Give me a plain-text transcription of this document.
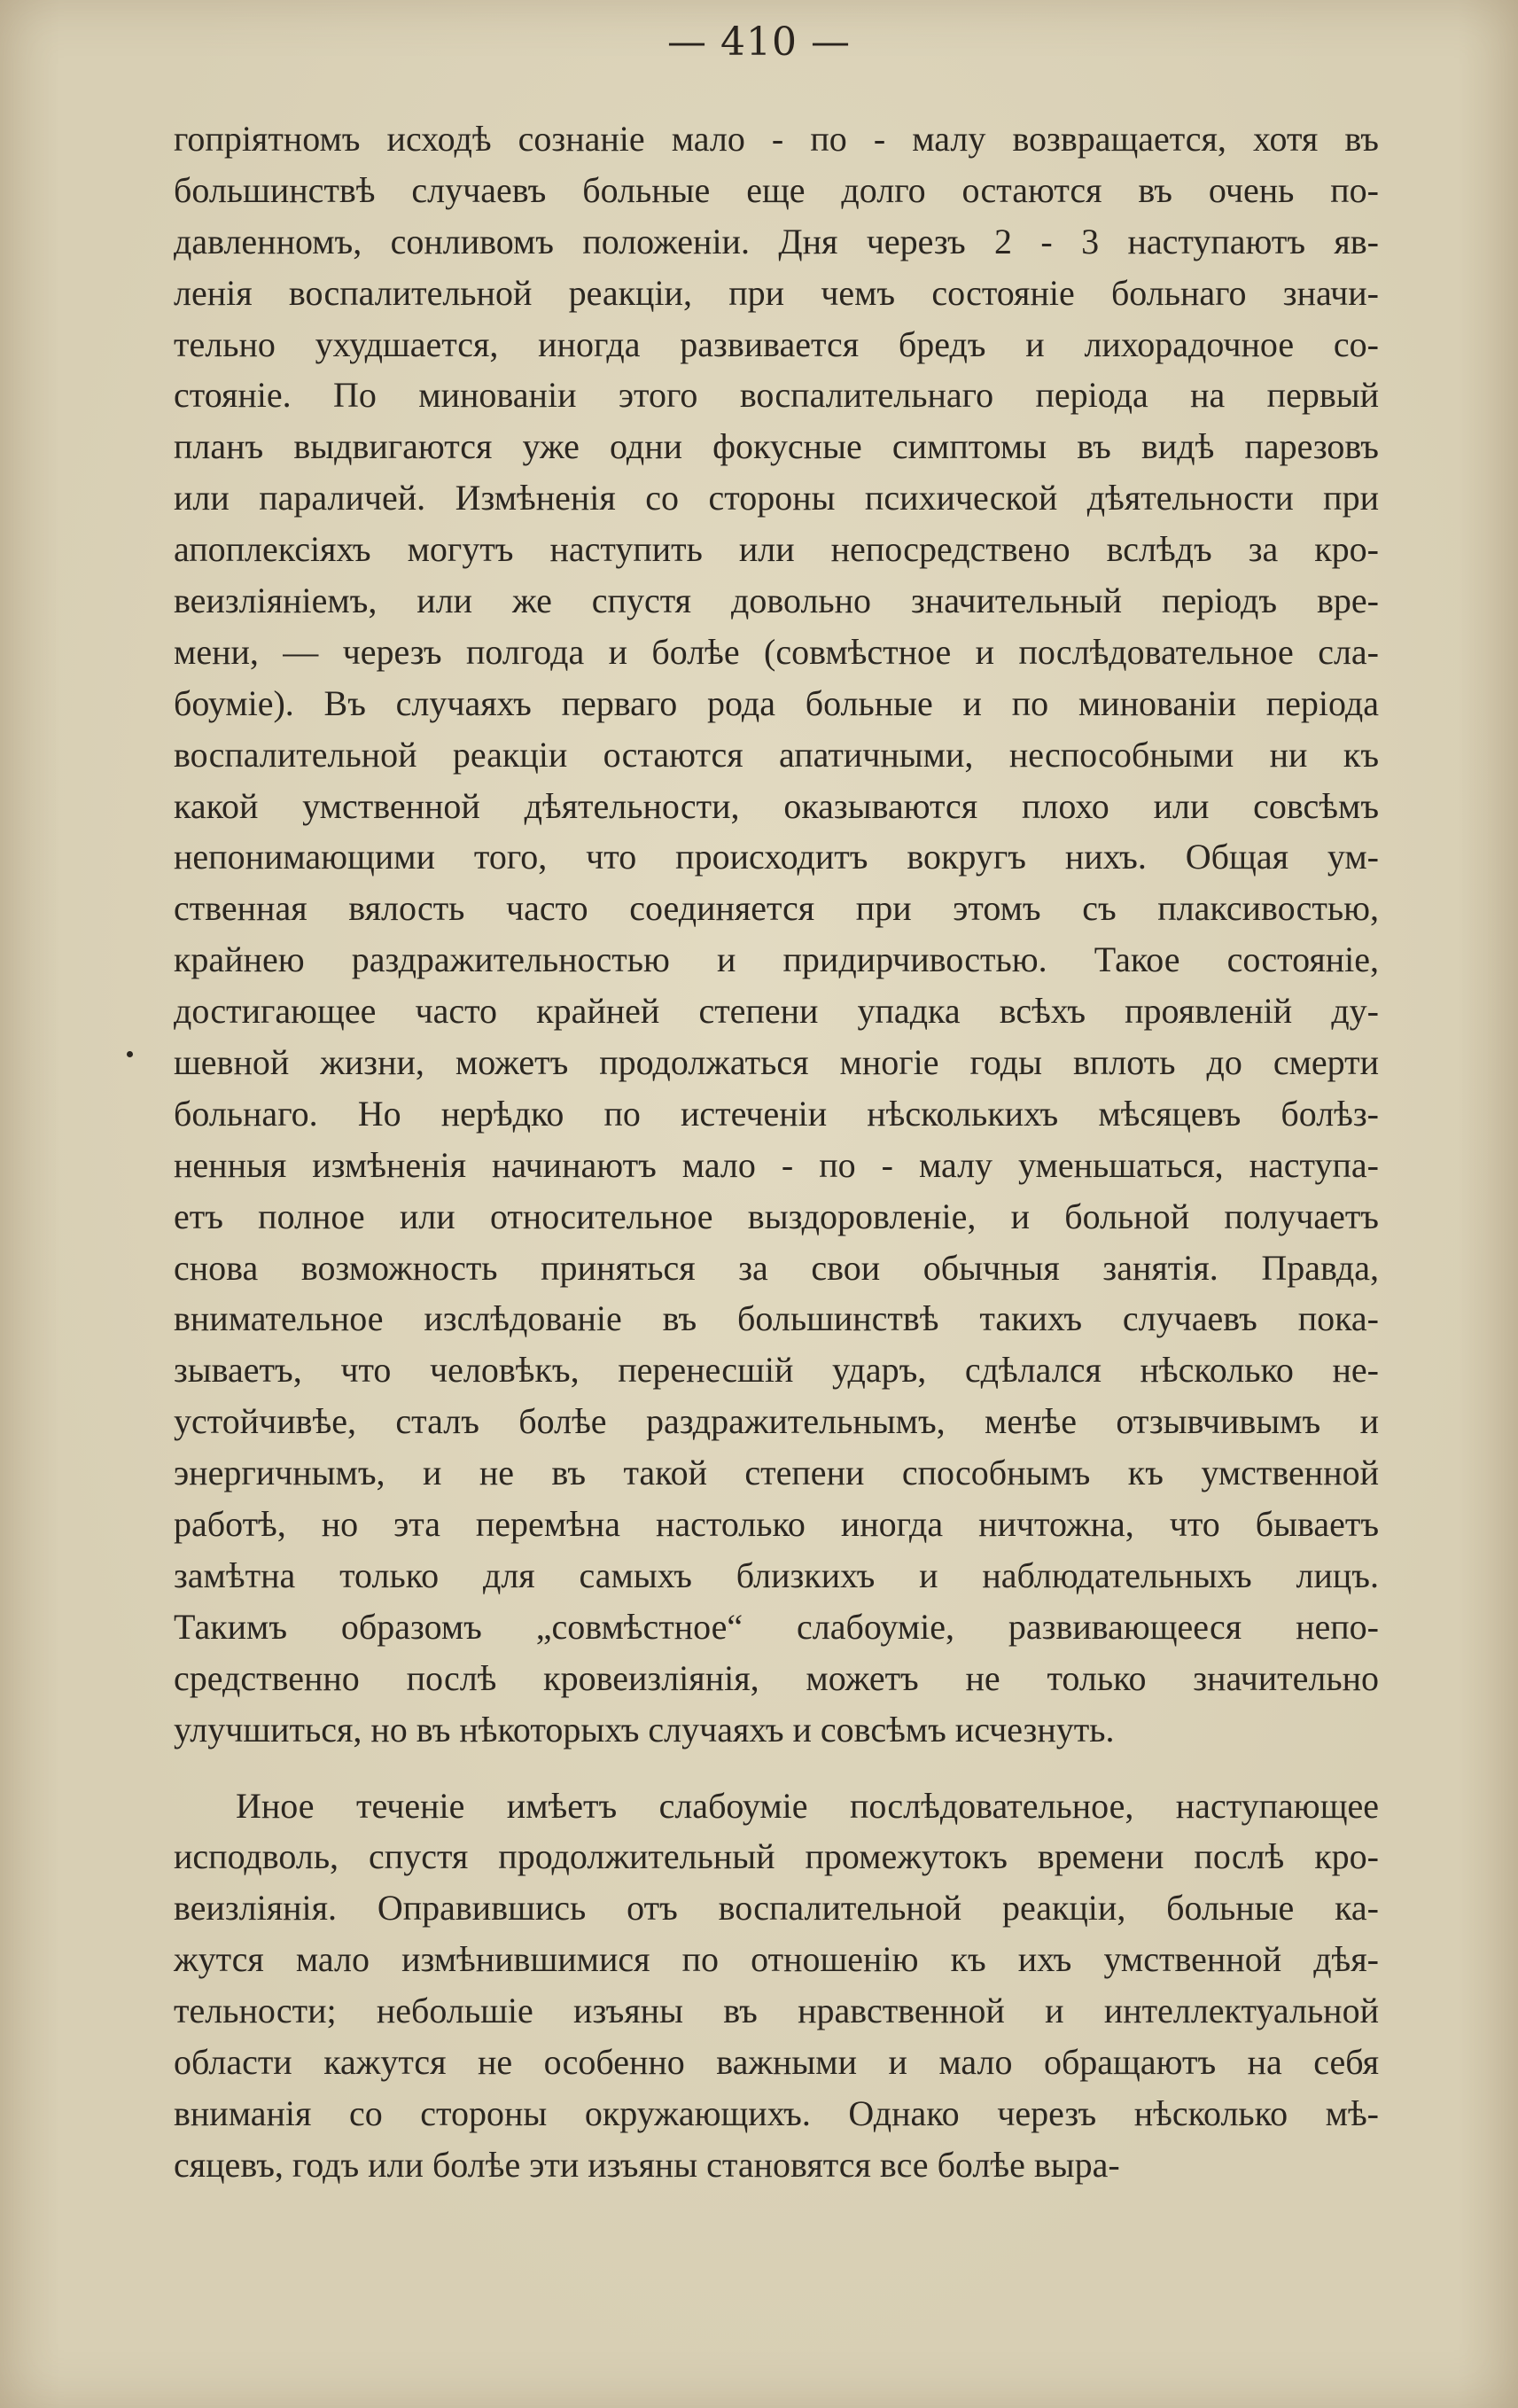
— 410 —
гопріятномъ исходѣ сознаніе мало - по - малу возвращается, хотя въ
большинствѣ случаевъ больные еще долго остаются въ очень по-
давленномъ, сонливомъ положеніи. Дня черезъ 2 - 3 наступаютъ яв-
ленія воспалительной реакціи, при чемъ состояніе больнаго значи-
тельно ухудшается, иногда развивается бредъ и лихорадочное со-
стояніе. По минованіи этого воспалительнаго періода на первый
планъ выдвигаются уже одни фокусные симптомы въ видѣ парезовъ
или параличей. Измѣненія со стороны психической дѣятельности при
апоплексіяхъ могутъ наступить или непосредствено вслѣдъ за кро-
веизліяніемъ, или же спустя довольно значительный періодъ вре-
мени, — черезъ полгода и болѣе (совмѣстное и послѣдовательное сла-
боумiе). Въ случаяхъ перваго рода больные и по минованіи періода
воспалительной реакціи остаются апатичными, неспособными ни къ
какой умственной дѣятельности, оказываются плохо или совсѣмъ
непонимающими того, что происходитъ вокругъ нихъ. Общая ум-
ственная вялость часто соединяется при этомъ съ плаксивостью,
крайнею раздражительностью и придирчивостью. Такое состояніе,
достигающее часто крайней степени упадка всѣхъ проявленій ду-
шевной жизни, можетъ продолжаться многіе годы вплоть до смерти
больнаго. Но нерѣдко по истеченіи нѣсколькихъ мѣсяцевъ болѣз-
ненныя измѣненія начинаютъ мало - по - малу уменьшаться, наступа-
етъ полное или относительное выздоровленіе, и больной получаетъ
снова возможность приняться за свои обычныя занятія. Правда,
внимательное изслѣдованіе въ большинствѣ такихъ случаевъ пока-
зываетъ, что человѣкъ, перенесшій ударъ, сдѣлался нѣсколько не-
устойчивѣе, сталъ болѣе раздражительнымъ, менѣе отзывчивымъ и
энергичнымъ, и не въ такой степени способнымъ къ умственной
работѣ, но эта перемѣна настолько иногда ничтожна, что бываетъ
замѣтна только для самыхъ близкихъ и наблюдательныхъ лицъ.
Такимъ образомъ „совмѣстное“ слабоумiе, развивающееся непо-
средственно послѣ кровеизліянія, можетъ не только значительно
улучшиться, но въ нѣкоторыхъ случаяхъ и совсѣмъ исчезнуть.
Иное теченіе имѣетъ слабоуміе послѣдовательное, наступающее
исподволь, спустя продолжительный промежутокъ времени послѣ кро-
веизліянія. Оправившись отъ воспалительной реакціи, больные ка-
жутся мало измѣнившимися по отношенію къ ихъ умственной дѣя-
тельности; небольшіе изъяны въ нравственной и интеллектуальной
области кажутся не особенно важными и мало обращаютъ на себя
вниманія со стороны окружающихъ. Однако черезъ нѣсколько мѣ-
сяцевъ, годъ или болѣе эти изъяны становятся все болѣе выра-
